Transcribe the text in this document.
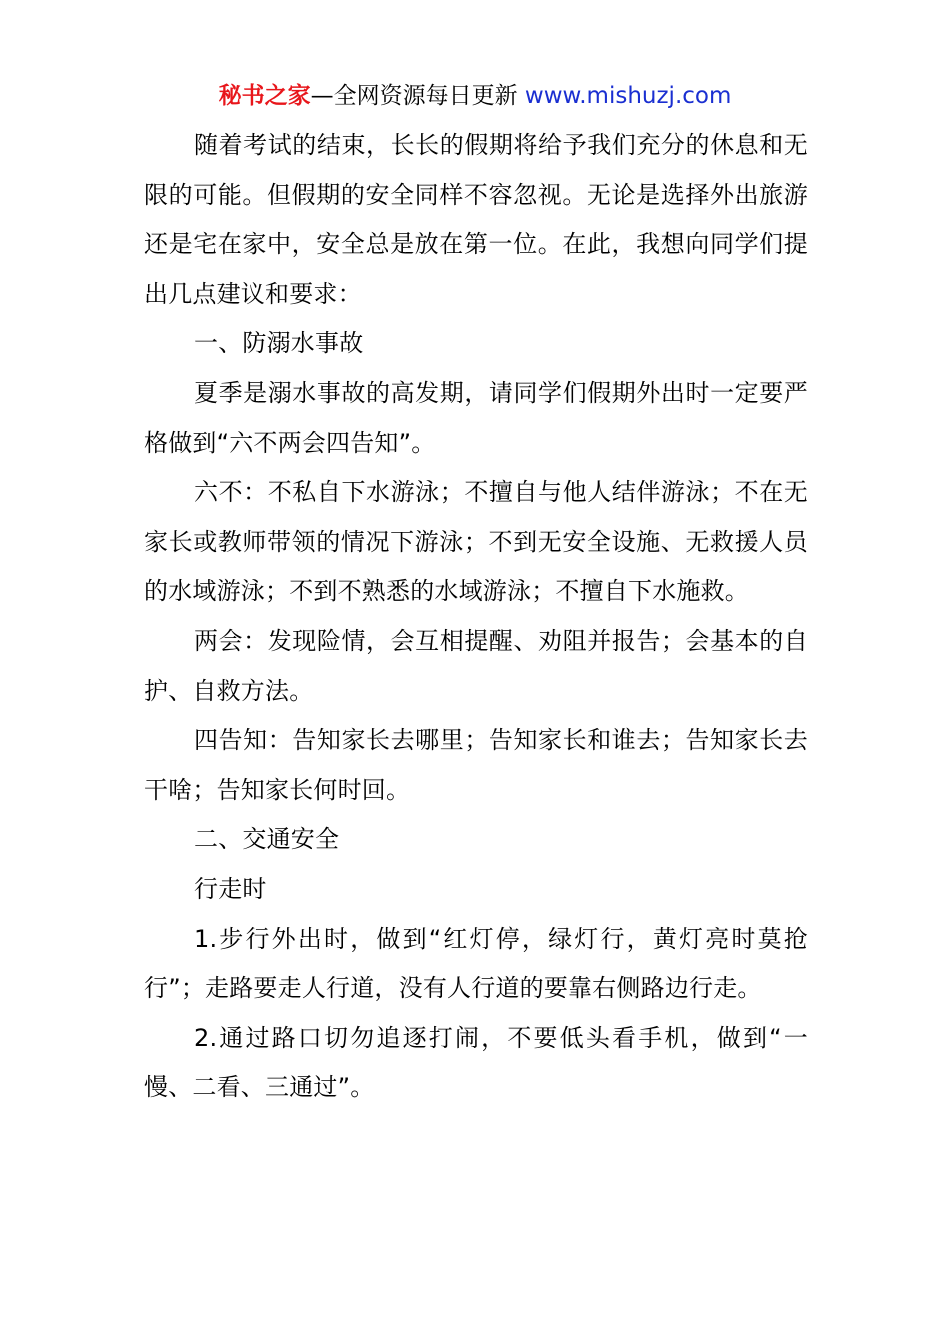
秘书之家—全网资源每日更新 www.mishuzj.com

随着考试的结束，长长的假期将给予我们充分的休息和无限的可能。但假期的安全同样不容忽视。无论是选择外出旅游还是宅在家中，安全总是放在第一位。在此，我想向同学们提出几点建议和要求：

一、防溺水事故

夏季是溺水事故的高发期，请同学们假期外出时一定要严格做到“六不两会四告知”。

六不：不私自下水游泳；不擅自与他人结伴游泳；不在无家长或教师带领的情况下游泳；不到无安全设施、无救援人员的水域游泳；不到不熟悉的水域游泳；不擅自下水施救。

两会：发现险情，会互相提醒、劝阻并报告；会基本的自护、自救方法。

四告知：告知家长去哪里；告知家长和谁去；告知家长去干啥；告知家长何时回。

二、交通安全

行走时

1.步行外出时，做到“红灯停，绿灯行，黄灯亮时莫抢行”；走路要走人行道，没有人行道的要靠右侧路边行走。

2.通过路口切勿追逐打闹，不要低头看手机，做到“一慢、二看、三通过”。
